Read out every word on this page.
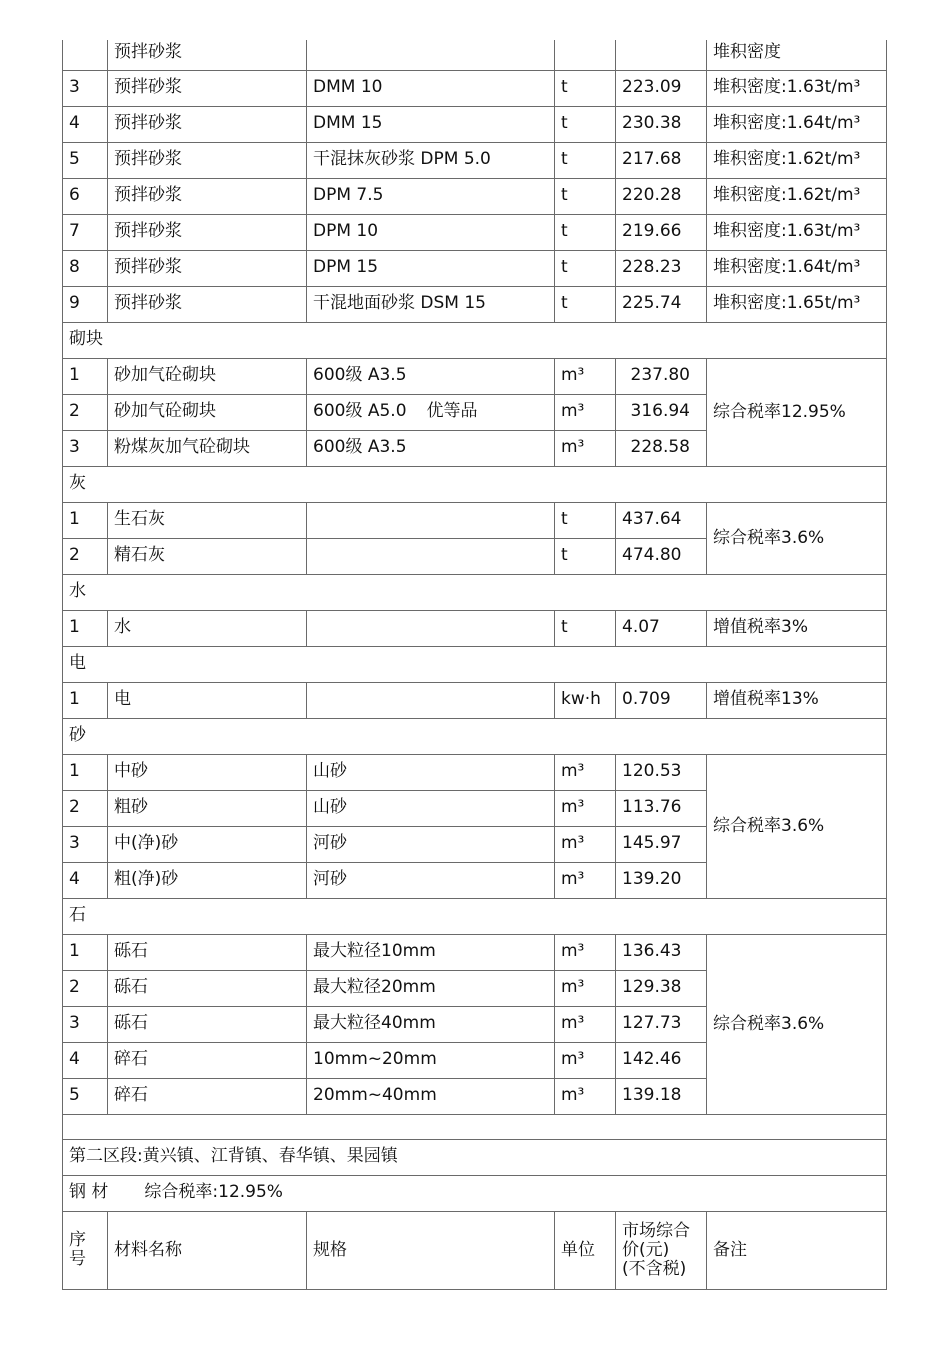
	预拌砂浆				堆积密度
3	预拌砂浆	DMM 10	t	223.09	堆积密度:1.63t/m³
4	预拌砂浆	DMM 15	t	230.38	堆积密度:1.64t/m³
5	预拌砂浆	干混抹灰砂浆 DPM 5.0	t	217.68	堆积密度:1.62t/m³
6	预拌砂浆	DPM 7.5	t	220.28	堆积密度:1.62t/m³
7	预拌砂浆	DPM 10	t	219.66	堆积密度:1.63t/m³
8	预拌砂浆	DPM 15	t	228.23	堆积密度:1.64t/m³
9	预拌砂浆	干混地面砂浆 DSM 15	t	225.74	堆积密度:1.65t/m³
砌块					
1	砂加气砼砌块	600级 A3.5	m³	237.80	综合税率12.95%
2	砂加气砼砌块	600级 A5.0 优等品	m³	316.94	
3	粉煤灰加气砼砌块	600级 A3.5	m³	228.58	
灰					
1	生石灰		t	437.64	综合税率3.6%
2	精石灰		t	474.80	
水					
1	水		t	4.07	增值税率3%
电					
1	电		kw·h	0.709	增值税率13%
砂					
1	中砂	山砂	m³	120.53	综合税率3.6%
2	粗砂	山砂	m³	113.76	
3	中(净)砂	河砂	m³	145.97	
4	粗(净)砂	河砂	m³	139.20	
石					
1	砾石	最大粒径10mm	m³	136.43	综合税率3.6%
2	砾石	最大粒径20mm	m³	129.38	
3	砾石	最大粒径40mm	m³	127.73	
4	碎石	10mm~20mm	m³	142.46	
5	碎石	20mm~40mm	m³	139.18	

第二区段:黄兴镇、江背镇、春华镇、果园镇					
钢 材 综合税率:12.95%					

序号	材料名称	规格	单位	市场综合
价(元)
(不含税)	备注
